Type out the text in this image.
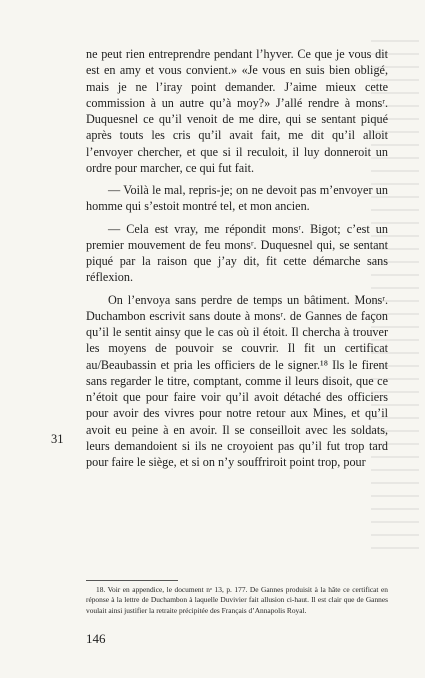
ne peut rien entreprendre pendant l’hyver. Ce que je vous dit est en amy et vous convient.» «Je vous en suis bien obligé, mais je ne l’iray point demander. J’aime mieux cette commission à un autre qu’à moy?» J’allé rendre à monsʳ. Duquesnel ce qu’il venoit de me dire, qui se sentant piqué après touts les cris qu’il avait fait, me dit qu’il alloit l’envoyer chercher, et que si il reculoit, il luy donneroit un ordre pour marcher, ce qui fut fait.

— Voilà le mal, repris-je; on ne devoit pas m’envoyer un homme qui s’estoit montré tel, et mon ancien.

— Cela est vray, me répondit monsʳ. Bigot; c’est un premier mouvement de feu monsʳ. Duquesnel qui, se sentant piqué par la raison que j’ay dit, fit cette démarche sans réflexion.

On l’envoya sans perdre de temps un bâtiment. Monsʳ. Duchambon escrivit sans doute à monsʳ. de Gannes de façon qu’il le sentit ainsy que le cas où il étoit. Il chercha à trouver les moyens de pouvoir se couvrir. Il fit un certificat au/Beaubassin et pria les officiers de le signer.¹⁸ Ils le firent sans regarder le titre, comptant, comme il leurs disoit, que ce n’étoit que pour faire voir qu’il avoit détaché des officiers pour avoir des vivres pour notre retour aux Mines, et qu’il avoit eu peine à en avoir. Il se conseilloit avec les soldats, leurs demandoient si ils ne croyoient pas qu’il fut trop tard pour faire le siège, et si on n’y souffriroit point trop, pour

31

18. Voir en appendice, le document nᵒ 13, p. 177. De Gannes produisit à la hâte ce certificat en réponse à la lettre de Duchambon à laquelle Duvivier fait allusion ci-haut. Il est clair que de Gannes voulait ainsi justifier la retraite précipitée des Français d’Annapolis Royal.

146
